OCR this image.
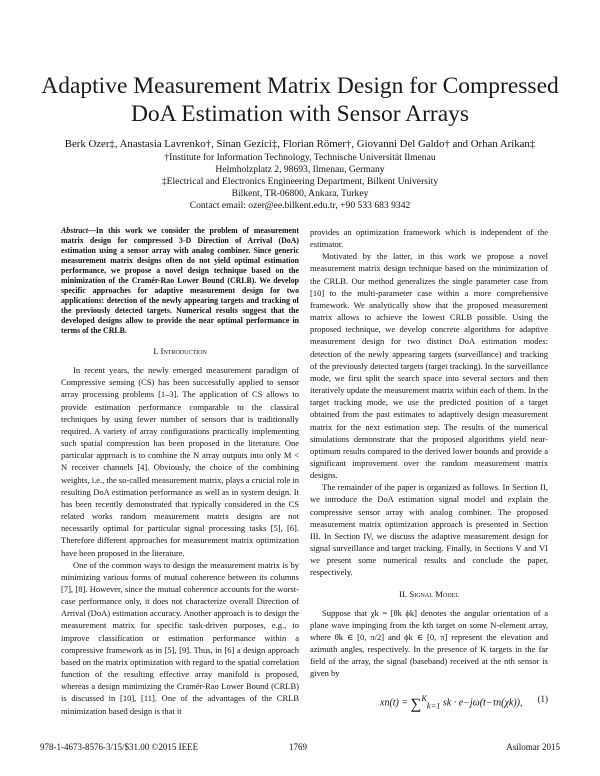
Adaptive Measurement Matrix Design for Compressed DoA Estimation with Sensor Arrays
Berk Ozer‡, Anastasia Lavrenko†, Sinan Gezici‡, Florian Römer†, Giovanni Del Galdo† and Orhan Arikan‡
†Institute for Information Technology, Technische Universität Ilmenau
Helmholzplatz 2, 98693, Ilmenau, Germany
‡Electrical and Electronics Engineering Department, Bilkent University
Bilkent, TR-06800, Ankara, Turkey
Contact email: ozer@ee.bilkent.edu.tr, +90 533 683 9342

Abstract—In this work we consider the problem of measurement matrix design for compressed 3-D Direction of Arrival (DoA) estimation using a sensor array with analog combiner. Since generic measurement matrix designs often do not yield optimal estimation performance, we propose a novel design technique based on the minimization of the Cramér-Rao Lower Bound (CRLB). We develop specific approaches for adaptive measurement design for two applications: detection of the newly appearing targets and tracking of the previously detected targets. Numerical results suggest that the developed designs allow to provide the near optimal performance in terms of the CRLB.

I. Introduction

In recent years, the newly emerged measurement paradigm of Compressive sensing (CS) has been successfully applied to sensor array processing problems [1–3]. The application of CS allows to provide estimation performance comparable to the classical techniques by using fewer number of sensors that is traditionally required. A variety of array configurations practically implementing such spatial compression has been proposed in the literature. One particular approach is to combine the N array outputs into only M < N receiver channels [4]. Obviously, the choice of the combining weights, i.e., the so-called measurement matrix, plays a crucial role in resulting DoA estimation performance as well as in system design. It has been recently demonstrated that typically considered in the CS related works random measurement matrix designs are not necessarily optimal for particular signal processing tasks [5], [6]. Therefore different approaches for measurement matrix optimization have been proposed in the literature.

One of the common ways to design the measurement matrix is by minimizing various forms of mutual coherence between its columns [7], [8]. However, since the mutual coherence accounts for the worst-case performance only, it does not characterize overall Direction of Arrival (DoA) estimation accuracy. Another approach is to design the measurement matrix for specific task-driven purposes, e.g., to improve classification or estimation performance within a compressive framework as in [5], [9]. Thus, in [6] a design approach based on the matrix optimization with regard to the spatial correlation function of the resulting effective array manifold is proposed, whereas a design minimizing the Cramér-Rao Lower Bound (CRLB) is discussed in [10], [11]. One of the advantages of the CRLB minimization based design is that it

provides an optimization framework which is independent of the estimator.

Motivated by the latter, in this work we propose a novel measurement matrix design technique based on the minimization of the CRLB. Our method generalizes the single parameter case from [10] to the multi-parameter case within a more comprehensive framework. We analytically show that the proposed measurement matrix allows to achieve the lowest CRLB possible. Using the proposed technique, we develop concrete algorithms for adaptive measurement design for two distinct DoA estimation modes: detection of the newly appearing targets (surveillance) and tracking of the previously detected targets (target tracking). In the surveillance mode, we first split the search space into several sectors and then iteratively update the measurement matrix within each of them. In the target tracking mode, we use the predicted position of a target obtained from the past estimates to adaptively design measurement matrix for the next estimation step. The results of the numerical simulations demonstrate that the proposed algorithms yield near-optimum results compared to the derived lower bounds and provide a significant improvement over the random measurement matrix designs.

The remainder of the paper is organized as follows. In Section II, we introduce the DoA estimation signal model and explain the compressive sensor array with analog combiner. The proposed measurement matrix optimization approach is presented in Section III. In Section IV, we discuss the adaptive measurement design for signal surveillance and target tracking. Finally, in Sections V and VI we present some numerical results and conclude the paper, respectively.

II. Signal Model

Suppose that χk = [θk ϕk] denotes the angular orientation of a plane wave impinging from the kth target on some N-element array, where θk ∈ [0, π/2] and ϕk ∈ [0, π] represent the elevation and azimuth angles, respectively. In the presence of K targets in the far field of the array, the signal (baseband) received at the nth sensor is given by

xn(t) = ∑$^K_{k=1}$ sk · e−jω(t−τn(χk)), (1)
978-1-4673-8576-3/15/$31.00 ©2015 IEEE	1769	Asilomar 2015
